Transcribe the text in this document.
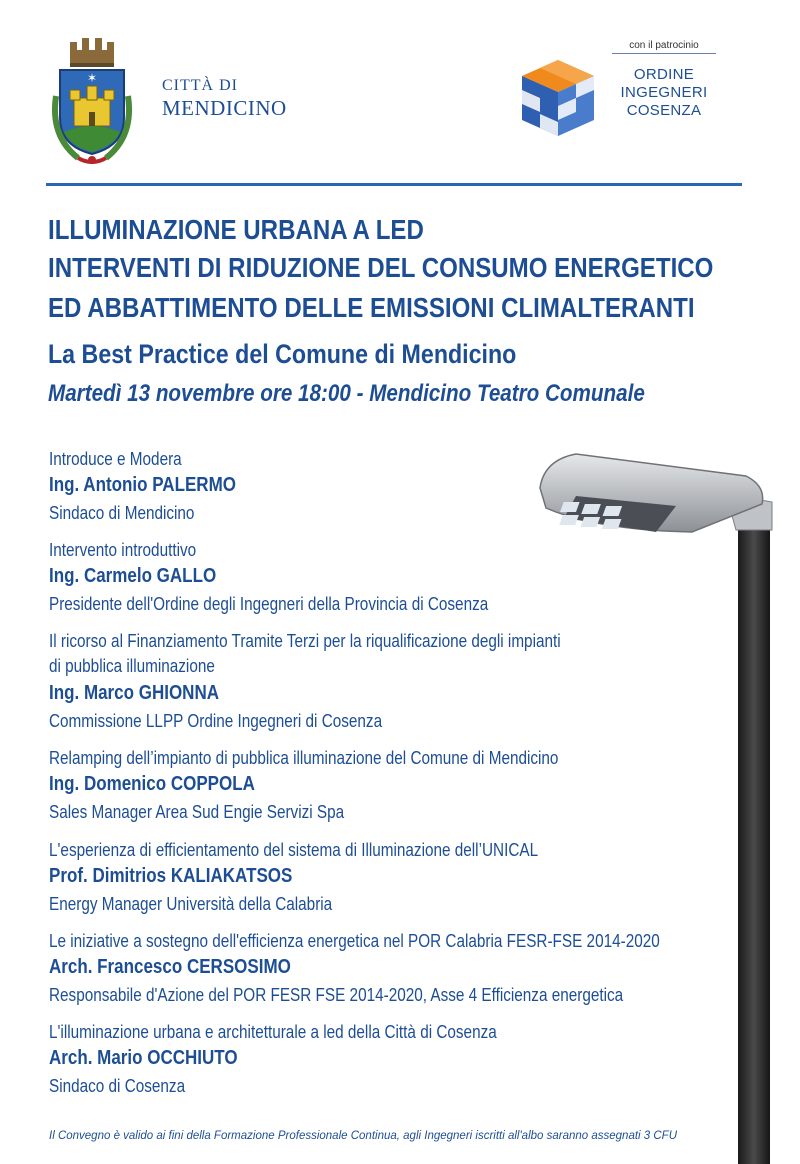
✶	CITTÀ DI
MENDICINO
con il patrocinio
ORDINE
INGEGNERI
COSENZA
ILLUMINAZIONE URBANA A LED
INTERVENTI DI RIDUZIONE DEL CONSUMO ENERGETICO
ED ABBATTIMENTO DELLE EMISSIONI CLIMALTERANTI
La Best Practice del Comune di Mendicino
Martedì 13 novembre ore 18:00 - Mendicino Teatro Comunale
Introduce e Modera
Ing. Antonio PALERMO
Sindaco di Mendicino
Intervento introduttivo
Ing. Carmelo GALLO
Presidente dell'Ordine degli Ingegneri della Provincia di Cosenza
Il ricorso al Finanziamento Tramite Terzi per la riqualificazione degli impianti
di pubblica illuminazione
Ing. Marco GHIONNA
Commissione LLPP Ordine Ingegneri di Cosenza
Relamping dell’impianto di pubblica illuminazione del Comune di Mendicino
Ing. Domenico COPPOLA
Sales Manager Area Sud Engie Servizi Spa
L'esperienza di efficientamento del sistema di Illuminazione dell’UNICAL
Prof. Dimitrios KALIAKATSOS
Energy Manager Università della Calabria
Le iniziative a sostegno dell'efficienza energetica nel POR Calabria FESR-FSE 2014-2020
Arch. Francesco CERSOSIMO
Responsabile d'Azione del POR FESR FSE 2014-2020, Asse 4 Efficienza energetica
L'illuminazione urbana e architetturale a led della Città di Cosenza
Arch. Mario OCCHIUTO
Sindaco di Cosenza
Il Convegno è valido ai fini della Formazione Professionale Continua, agli Ingegneri iscritti all'albo saranno assegnati 3 CFU
